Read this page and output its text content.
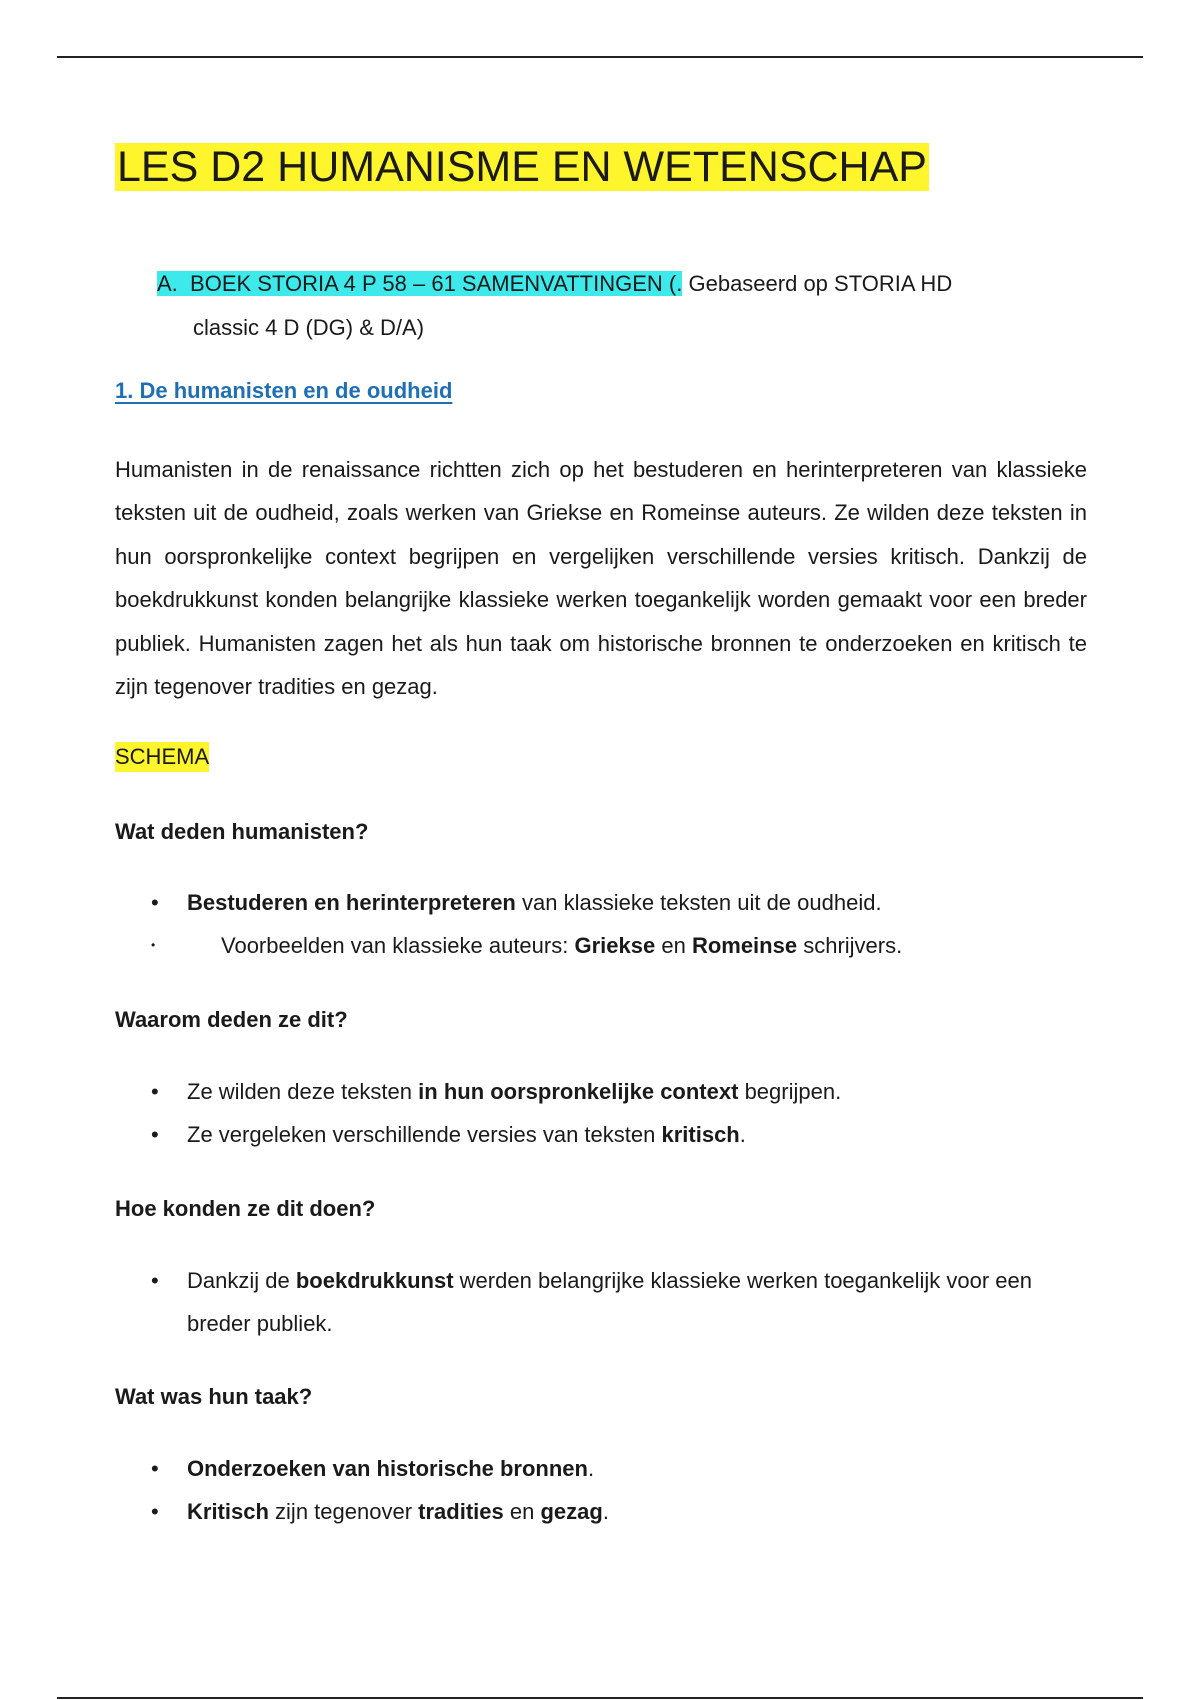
LES D2 HUMANISME EN WETENSCHAP
A. BOEK STORIA 4 P 58 – 61 SAMENVATTINGEN (. Gebaseerd op STORIA HD
classic 4 D (DG) & D/A)
1. De humanisten en de oudheid

Humanisten in de renaissance richtten zich op het bestuderen en herinterpreteren van klassieke teksten uit de oudheid, zoals werken van Griekse en Romeinse auteurs. Ze wilden deze teksten in hun oorspronkelijke context begrijpen en vergelijken verschillende versies kritisch. Dankzij de boekdrukkunst konden belangrijke klassieke werken toegankelijk worden gemaakt voor een breder publiek. Humanisten zagen het als hun taak om historische bronnen te onderzoeken en kritisch te zijn tegenover tradities en gezag.

SCHEMA
Wat deden humanisten?
• Bestuderen en herinterpreteren van klassieke teksten uit de oudheid.
• Voorbeelden van klassieke auteurs: Griekse en Romeinse schrijvers.
Waarom deden ze dit?
• Ze wilden deze teksten in hun oorspronkelijke context begrijpen.
• Ze vergeleken verschillende versies van teksten kritisch.
Hoe konden ze dit doen?
• Dankzij de boekdrukkunst werden belangrijke klassieke werken toegankelijk voor een breder publiek.
Wat was hun taak?
• Onderzoeken van historische bronnen.
• Kritisch zijn tegenover tradities en gezag.
